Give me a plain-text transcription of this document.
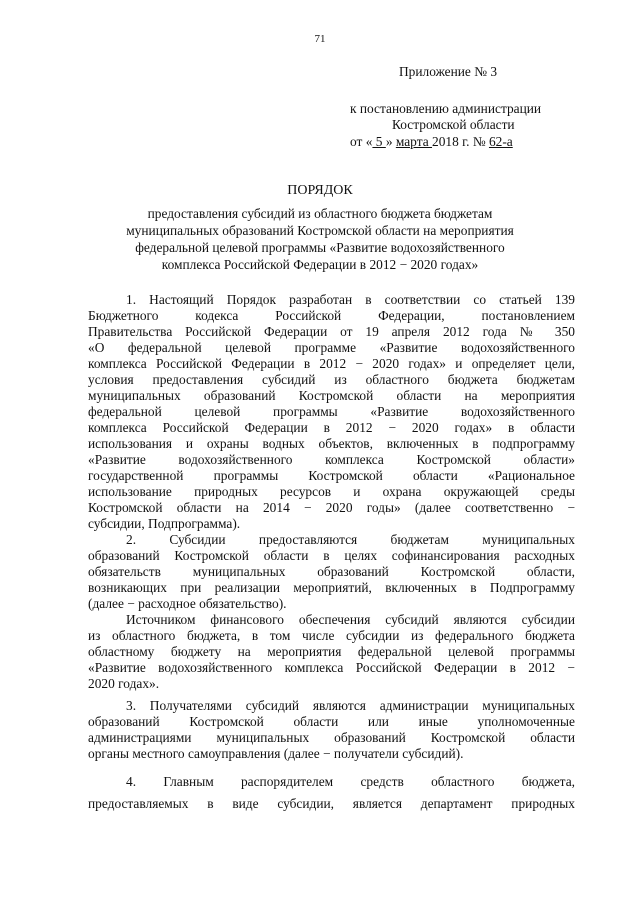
71
Приложение № 3
к постановлению администрации
Костромской области
от « 5 » марта 2018 г. № 62-а
ПОРЯДОК
предоставления субсидий из областного бюджета бюджетам
муниципальных образований Костромской области на мероприятия
федеральной целевой программы «Развитие водохозяйственного
комплекса Российской Федерации в 2012 − 2020 годах»
1. Настоящий Порядок разработан в соответствии со статьей 139
Бюджетного кодекса Российской Федерации, постановлением
Правительства Российской Федерации от 19 апреля 2012 года № 350
«О федеральной целевой программе «Развитие водохозяйственного
комплекса Российской Федерации в 2012 − 2020 годах» и определяет цели,
условия предоставления субсидий из областного бюджета бюджетам
муниципальных образований Костромской области на мероприятия
федеральной целевой программы «Развитие водохозяйственного
комплекса Российской Федерации в 2012 − 2020 годах» в области
использования и охраны водных объектов, включенных в подпрограмму
«Развитие водохозяйственного комплекса Костромской области»
государственной программы Костромской области «Рациональное
использование природных ресурсов и охрана окружающей среды
Костромской области на 2014 − 2020 годы» (далее соответственно −
субсидии, Подпрограмма).
2. Субсидии предоставляются бюджетам муниципальных
образований Костромской области в целях софинансирования расходных
обязательств муниципальных образований Костромской области,
возникающих при реализации мероприятий, включенных в Подпрограмму
(далее − расходное обязательство).
Источником финансового обеспечения субсидий являются субсидии
из областного бюджета, в том числе субсидии из федерального бюджета
областному бюджету на мероприятия федеральной целевой программы
«Развитие водохозяйственного комплекса Российской Федерации в 2012 −
2020 годах».
3. Получателями субсидий являются администрации муниципальных
образований Костромской области или иные уполномоченные
администрациями муниципальных образований Костромской области
органы местного самоуправления (далее − получатели субсидий).
4. Главным распорядителем средств областного бюджета,
предоставляемых в виде субсидии, является департамент природных
